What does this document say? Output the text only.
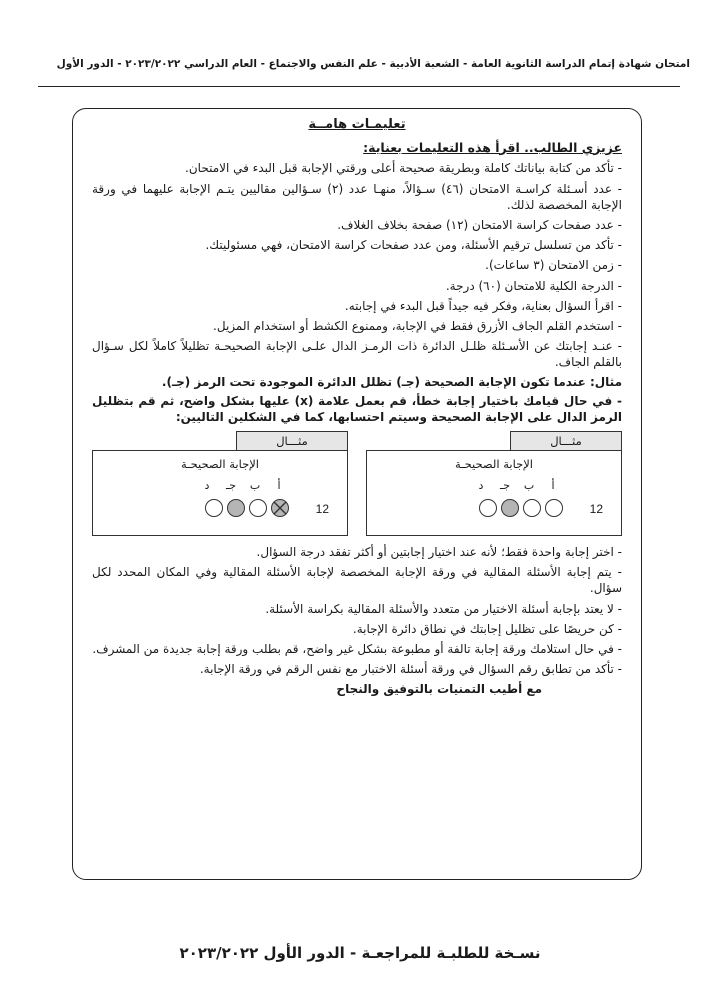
امتحان شهادة إتمام الدراسة الثانوية العامة - الشعبة الأدبية - علم النفس والاجتماع - العام الدراسي ٢٠٢٣/٢٠٢٢ - الدور الأول
تعليمـات هامــة
عزيزي الطالب.. اقرأ هذه التعليمات بعناية:
- تأكد من كتابة بياناتك كاملة وبطريقة صحيحة أعلى ورقتي الإجابة قبل البدء في الامتحان.
- عدد أسـئلة كراسـة الامتحان (٤٦) سـؤالاً، منهـا عدد (٢) سـؤالين مقاليين يتـم الإجابة عليهما في ورقة الإجابة المخصصة لذلك.
- عدد صفحات كراسة الامتحان (١٢) صفحة بخلاف الغلاف.
- تأكد من تسلسل ترقيم الأسئلة، ومن عدد صفحات كراسة الامتحان، فهي مسئوليتك.
- زمن الامتحان (٣ ساعات).
- الدرجة الكلية للامتحان (٦٠) درجة.
- اقرأ السؤال بعناية، وفكر فيه جيداً قبل البدء في إجابته.
- استخدم القلم الجاف الأزرق فقط في الإجابة، وممنوع الكشط أو استخدام المزيل.
- عنـد إجابتك عن الأسـئلة ظلـل الدائرة ذات الرمـز الدال علـى الإجابة الصحيحـة تظليلاً كاملاً لكل سـؤال بالقلم الجاف.
مثال: عندما تكون الإجابة الصحيحة (جـ) تظلل الدائرة الموجودة تحت الرمز (جـ).
- في حال قيامك باختيار إجابة خطأ، قم بعمل علامة (x) عليها بشكل واضح، ثم قم بتظليل الرمز الدال على الإجابة الصحيحة وسيتم احتسابها، كما في الشكلين التاليين:
مثـــال
الإجابة الصحيحـة
أ
ب
جـ
د
12
مثـــال
الإجابة الصحيحـة
أ
ب
جـ
د
12
- اختر إجابة واحدة فقط؛ لأنه عند اختيار إجابتين أو أكثر تفقد درجة السؤال.
- يتم إجابة الأسئلة المقالية في ورقة الإجابة المخصصة لإجابة الأسئلة المقالية وفي المكان المحدد لكل سؤال.
- لا يعتد بإجابة أسئلة الاختيار من متعدد والأسئلة المقالية بكراسة الأسئلة.
- كن حريصًا على تظليل إجابتك في نطاق دائرة الإجابة.
- في حال استلامك ورقة إجابة تالفة أو مطبوعة بشكل غير واضح، قم بطلب ورقة إجابة جديدة من المشرف.
- تأكد من تطابق رقم السؤال في ورقة أسئلة الاختبار مع نفس الرقم في ورقة الإجابة.
مع أطيب التمنيات بالتوفيق والنجاح
نسـخة للطلبـة للمراجعـة - الدور الأول ٢٠٢٣/٢٠٢٢
